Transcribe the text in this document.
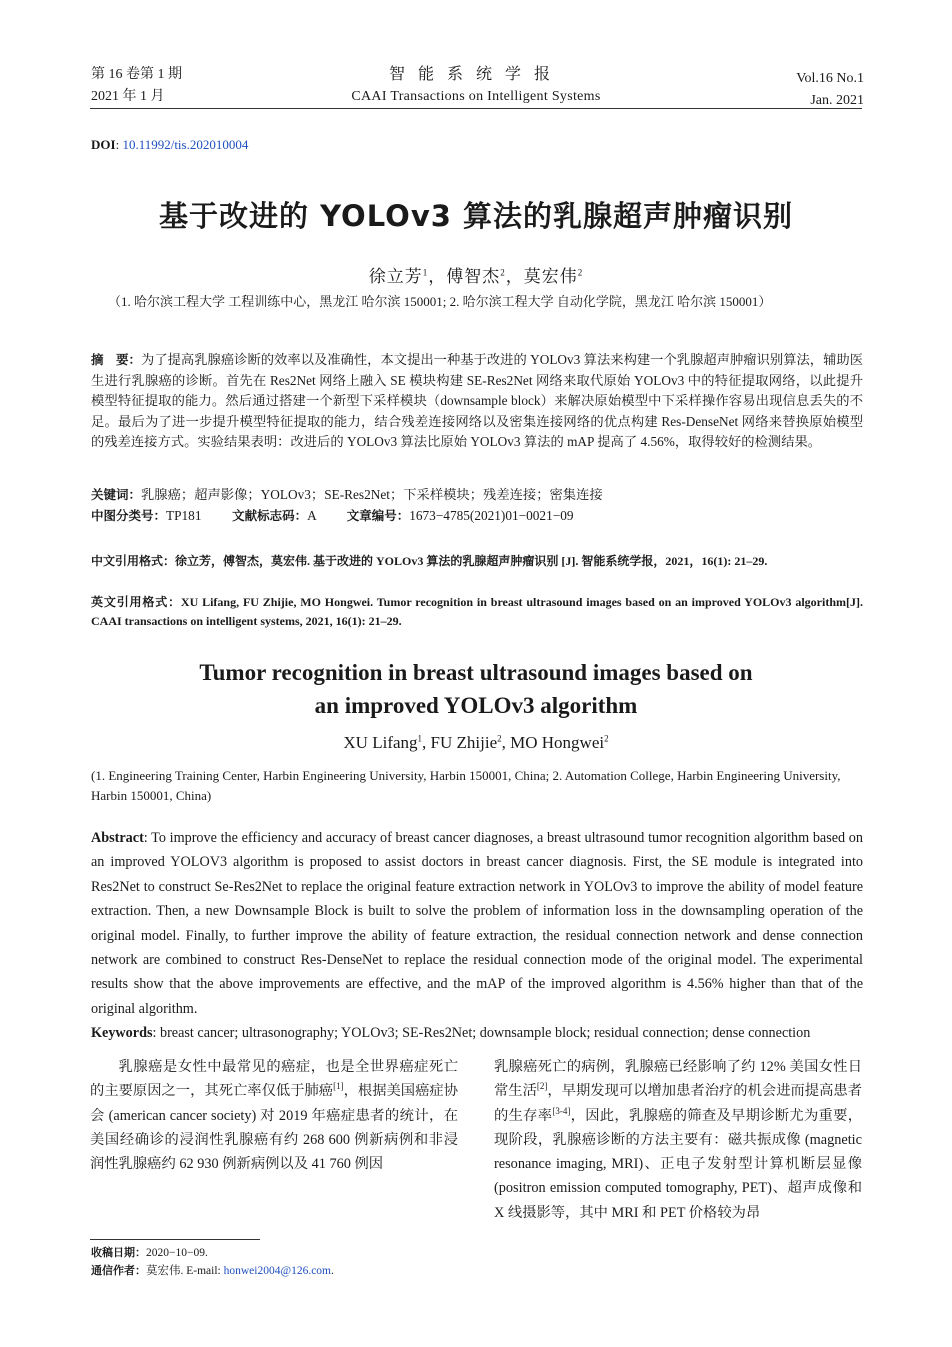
第 16 卷第 1 期
2021 年 1 月
智能系统学报
CAAI Transactions on Intelligent Systems
Vol.16 No.1
Jan. 2021
DOI: 10.11992/tis.202010004
基于改进的 YOLOv3 算法的乳腺超声肿瘤识别
徐立芳$^1$，傅智杰$^2$，莫宏伟$^2$
（1. 哈尔滨工程大学 工程训练中心，黑龙江 哈尔滨 150001; 2. 哈尔滨工程大学 自动化学院，黑龙江 哈尔滨 150001）
摘　要：为了提高乳腺癌诊断的效率以及准确性，本文提出一种基于改进的 YOLOv3 算法来构建一个乳腺超声肿瘤识别算法，辅助医生进行乳腺癌的诊断。首先在 Res2Net 网络上融入 SE 模块构建 SE-Res2Net 网络来取代原始 YOLOv3 中的特征提取网络，以此提升模型特征提取的能力。然后通过搭建一个新型下采样模块（downsample block）来解决原始模型中下采样操作容易出现信息丢失的不足。最后为了进一步提升模型特征提取的能力，结合残差连接网络以及密集连接网络的优点构建 Res-DenseNet 网络来替换原始模型的残差连接方式。实验结果表明：改进后的 YOLOv3 算法比原始 YOLOv3 算法的 mAP 提高了 4.56%，取得较好的检测结果。
关键词：乳腺癌；超声影像；YOLOv3；SE-Res2Net；下采样模块；残差连接；密集连接
中图分类号：TP181 文献标志码：A 文章编号：1673−4785(2021)01−0021−09
中文引用格式：徐立芳，傅智杰，莫宏伟. 基于改进的 YOLOv3 算法的乳腺超声肿瘤识别 [J]. 智能系统学报，2021，16(1): 21–29.
英文引用格式：XU Lifang, FU Zhijie, MO Hongwei. Tumor recognition in breast ultrasound images based on an improved YOLOv3 algorithm[J]. CAAI transactions on intelligent systems, 2021, 16(1): 21–29.
Tumor recognition in breast ultrasound images based on
an improved YOLOv3 algorithm
XU Lifang$^1$, FU Zhijie$^2$, MO Hongwei$^2$
(1. Engineering Training Center, Harbin Engineering University, Harbin 150001, China; 2. Automation College, Harbin Engineering University, Harbin 150001, China)
Abstract: To improve the efficiency and accuracy of breast cancer diagnoses, a breast ultrasound tumor recognition algorithm based on an improved YOLOV3 algorithm is proposed to assist doctors in breast cancer diagnosis. First, the SE module is integrated into Res2Net to construct Se-Res2Net to replace the original feature extraction network in YOLOv3 to improve the ability of model feature extraction. Then, a new Downsample Block is built to solve the problem of information loss in the downsampling operation of the original model. Finally, to further improve the ability of feature extraction, the residual connection network and dense connection network are combined to construct Res-DenseNet to replace the residual connection mode of the original model. The experimental results show that the above improvements are effective, and the mAP of the improved algorithm is 4.56% higher than that of the original algorithm.
Keywords: breast cancer; ultrasonography; YOLOv3; SE-Res2Net; downsample block; residual connection; dense connection
乳腺癌是女性中最常见的癌症，也是全世界癌症死亡的主要原因之一，其死亡率仅低于肺癌[1]，根据美国癌症协会 (american cancer society) 对 2019 年癌症患者的统计，在美国经确诊的浸润性乳腺癌有约 268 600 例新病例和非浸润性乳腺癌约 62 930 例新病例以及 41 760 例因
乳腺癌死亡的病例，乳腺癌已经影响了约 12% 美国女性日常生活[2]，早期发现可以增加患者治疗的机会进而提高患者的生存率[3-4]，因此，乳腺癌的筛查及早期诊断尤为重要，现阶段，乳腺癌诊断的方法主要有：磁共振成像 (magnetic resonance imaging, MRI)、正电子发射型计算机断层显像 (positron emission computed tomography, PET)、超声成像和 X 线摄影等，其中 MRI 和 PET 价格较为昂
收稿日期：2020−10−09.
通信作者：莫宏伟. E-mail: honwei2004@126.com.
